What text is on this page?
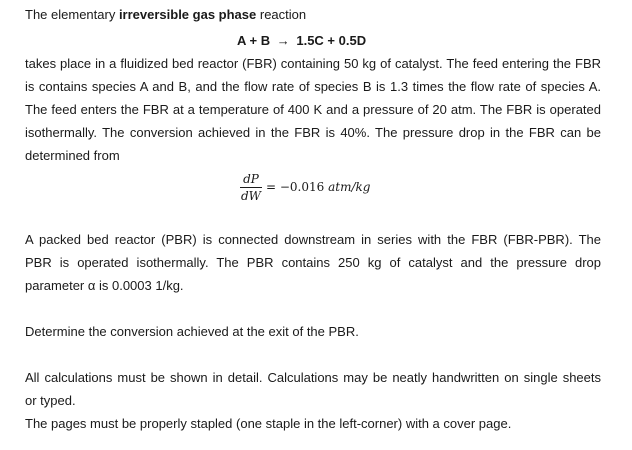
The elementary irreversible gas phase reaction
A + B → 1.5C + 0.5D
takes place in a fluidized bed reactor (FBR) containing 50 kg of catalyst. The feed entering the FBR
is contains species A and B, and the flow rate of species B is 1.3 times the flow rate of species A.
The feed enters the FBR at a temperature of 400 K and a pressure of 20 atm. The FBR is operated
isothermally. The conversion achieved in the FBR is 40%. The pressure drop in the FBR can be
determined from
dP
dW
= −0.016 atm/kg
A packed bed reactor (PBR) is connected downstream in series with the FBR (FBR-PBR). The
PBR is operated isothermally. The PBR contains 250 kg of catalyst and the pressure drop
parameter α is 0.0003 1/kg.
Determine the conversion achieved at the exit of the PBR.
All calculations must be shown in detail. Calculations may be neatly handwritten on single sheets
or typed.
The pages must be properly stapled (one staple in the left-corner) with a cover page.
